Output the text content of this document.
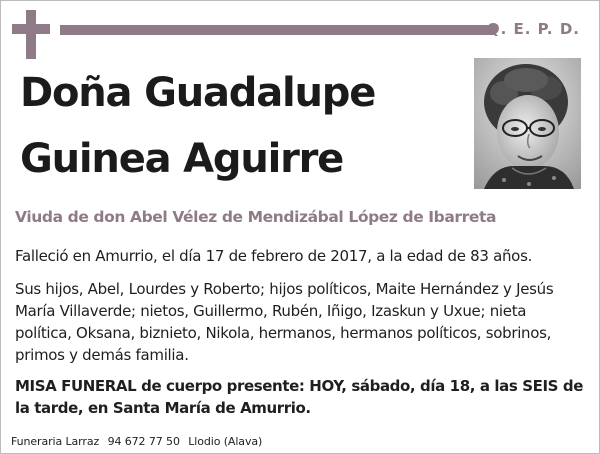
Q. E. P. D.
Doña Guadalupe
Guinea Aguirre
Viuda de don Abel Vélez de Mendizábal López de Ibarreta

Falleció en Amurrio, el día 17 de febrero de 2017, a la edad de 83 años.

Sus hijos, Abel, Lourdes y Roberto; hijos políticos, Maite Hernández y Jesús María Villaverde; nietos, Guillermo, Rubén, Iñigo, Izaskun y Uxue; nieta política, Oksana, biznieto, Nikola, hermanos, hermanos políticos, sobrinos, primos y demás familia.

MISA FUNERAL de cuerpo presente: HOY, sábado, día 18, a las SEIS de la tarde, en Santa María de Amurrio.

Funeraria Larraz 94 672 77 50 Llodio (Alava)
